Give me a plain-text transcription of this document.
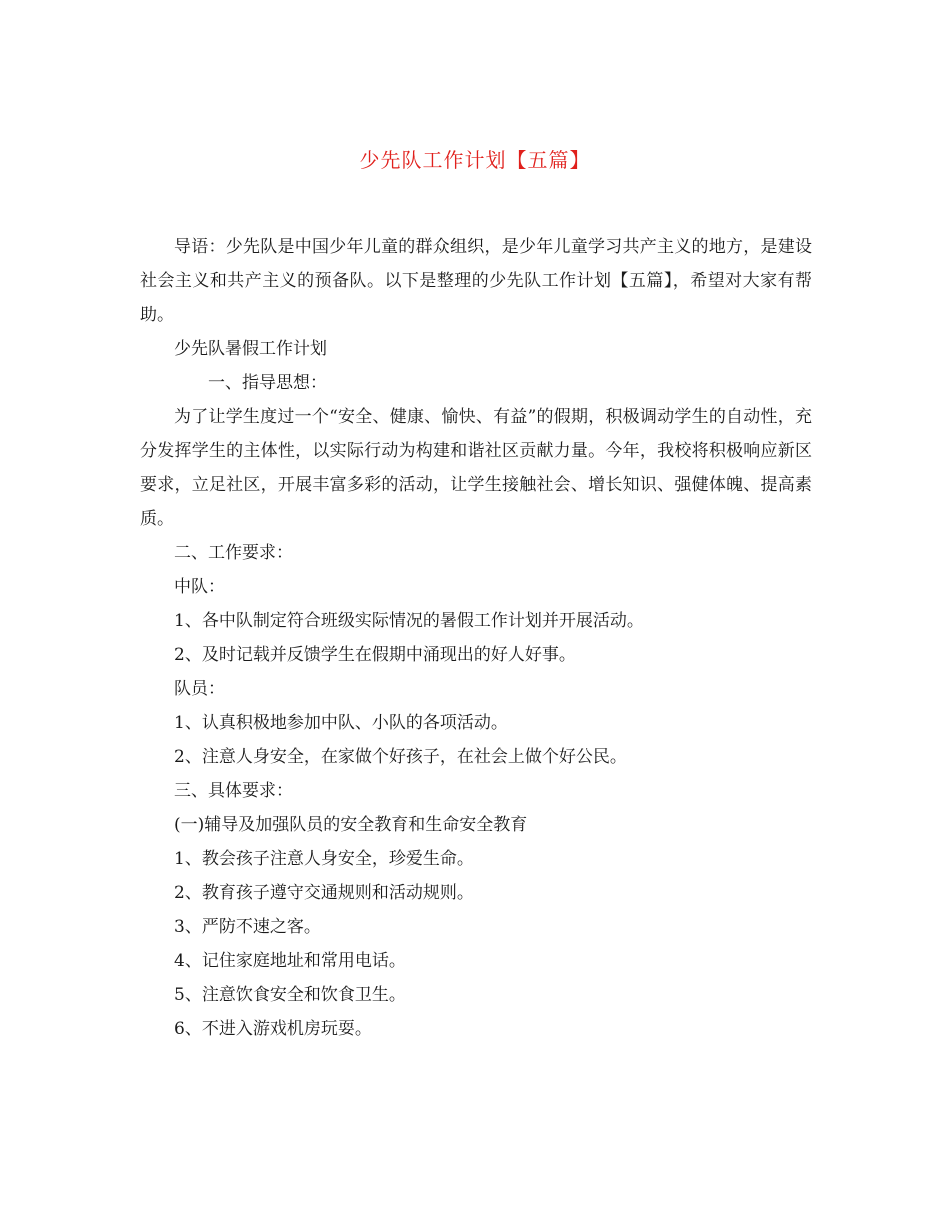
少先队工作计划【五篇】

导语：少先队是中国少年儿童的群众组织，是少年儿童学习共产主义的地方，是建设社会主义和共产主义的预备队。以下是整理的少先队工作计划【五篇】，希望对大家有帮助。

少先队暑假工作计划

一、指导思想：

为了让学生度过一个“安全、健康、愉快、有益”的假期，积极调动学生的自动性，充分发挥学生的主体性，以实际行动为构建和谐社区贡献力量。今年，我校将积极响应新区要求，立足社区，开展丰富多彩的活动，让学生接触社会、增长知识、强健体魄、提高素质。

二、工作要求：

中队：

1、各中队制定符合班级实际情况的暑假工作计划并开展活动。

2、及时记载并反馈学生在假期中涌现出的好人好事。

队员：

1、认真积极地参加中队、小队的各项活动。

2、注意人身安全，在家做个好孩子，在社会上做个好公民。

三、具体要求：

(一)辅导及加强队员的安全教育和生命安全教育

1、教会孩子注意人身安全，珍爱生命。

2、教育孩子遵守交通规则和活动规则。

3、严防不速之客。

4、记住家庭地址和常用电话。

5、注意饮食安全和饮食卫生。

6、不进入游戏机房玩耍。
